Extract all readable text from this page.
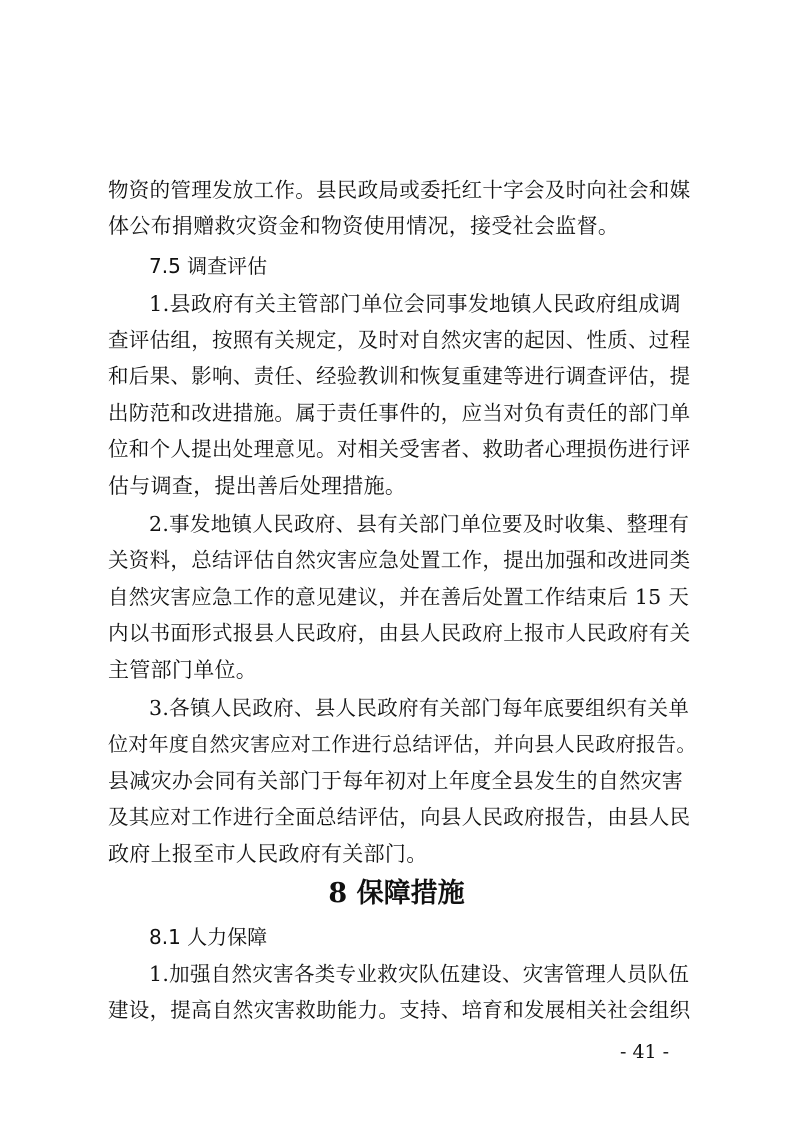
物资的管理发放工作。县民政局或委托红十字会及时向社会和媒
体公布捐赠救灾资金和物资使用情况，接受社会监督。
7.5 调查评估
1.县政府有关主管部门单位会同事发地镇人民政府组成调
查评估组，按照有关规定，及时对自然灾害的起因、性质、过程
和后果、影响、责任、经验教训和恢复重建等进行调查评估，提
出防范和改进措施。属于责任事件的，应当对负有责任的部门单
位和个人提出处理意见。对相关受害者、救助者心理损伤进行评
估与调查，提出善后处理措施。
2.事发地镇人民政府、县有关部门单位要及时收集、整理有
关资料，总结评估自然灾害应急处置工作，提出加强和改进同类
自然灾害应急工作的意见建议，并在善后处置工作结束后 15 天
内以书面形式报县人民政府，由县人民政府上报市人民政府有关
主管部门单位。
3.各镇人民政府、县人民政府有关部门每年底要组织有关单
位对年度自然灾害应对工作进行总结评估，并向县人民政府报告。
县减灾办会同有关部门于每年初对上年度全县发生的自然灾害
及其应对工作进行全面总结评估，向县人民政府报告，由县人民
政府上报至市人民政府有关部门。
8 保障措施
8.1 人力保障
1.加强自然灾害各类专业救灾队伍建设、灾害管理人员队伍
建设，提高自然灾害救助能力。支持、培育和发展相关社会组织
- 41 -
